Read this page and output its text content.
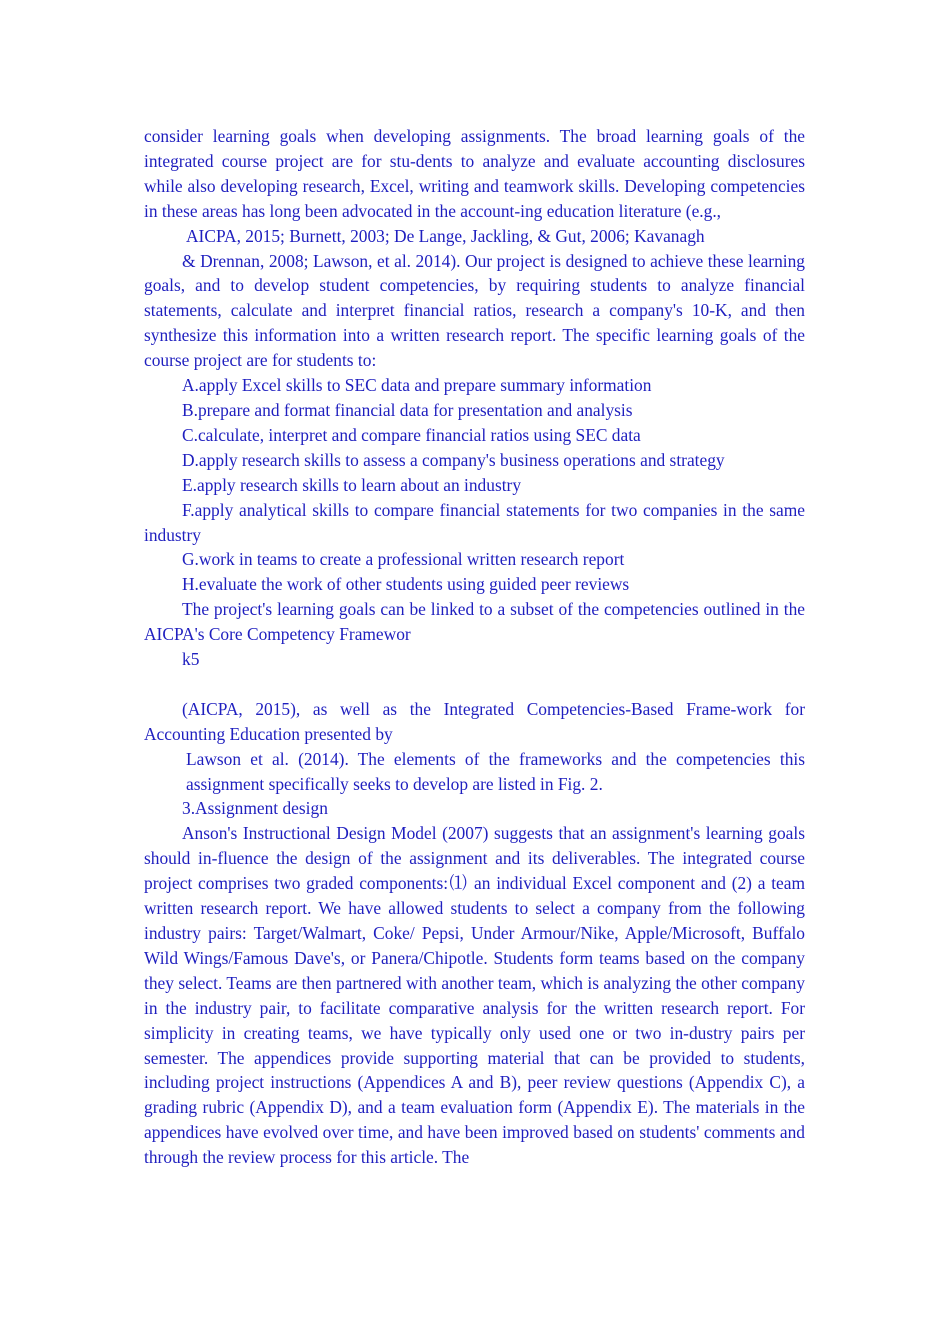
consider learning goals when developing assignments. The broad learning goals of the integrated course project are for stu-dents to analyze and evaluate accounting disclosures while also developing research, Excel, writing and teamwork skills. Developing competencies in these areas has long been advocated in the account-ing education literature (e.g.,

AICPA, 2015; Burnett, 2003; De Lange, Jackling, & Gut, 2006; Kavanagh

& Drennan, 2008; Lawson, et al. 2014). Our project is designed to achieve these learning goals, and to develop student competencies, by requiring students to analyze financial statements, calculate and interpret financial ratios, research a company's 10-K, and then synthesize this information into a written research report. The specific learning goals of the course project are for students to:

A.apply Excel skills to SEC data and prepare summary information

B.prepare and format financial data for presentation and analysis

C.calculate, interpret and compare financial ratios using SEC data

D.apply research skills to assess a company's business operations and strategy

E.apply research skills to learn about an industry

F.apply analytical skills to compare financial statements for two companies in the same industry

G.work in teams to create a professional written research report

H.evaluate the work of other students using guided peer reviews

The project's learning goals can be linked to a subset of the competencies outlined in the AICPA's Core Competency Framewor

k5

(AICPA, 2015), as well as the Integrated Competencies-Based Frame-work for Accounting Education presented by

Lawson et al. (2014). The elements of the frameworks and the competencies this assignment specifically seeks to develop are listed in Fig. 2.

3.Assignment design

Anson's Instructional Design Model (2007) suggests that an assignment's learning goals should in-fluence the design of the assignment and its deliverables. The integrated course project comprises two graded components:⑴ an individual Excel component and (2) a team written research report. We have allowed students to select a company from the following industry pairs: Target/Walmart, Coke/ Pepsi, Under Armour/Nike, Apple/Microsoft, Buffalo Wild Wings/Famous Dave's, or Panera/Chipotle. Students form teams based on the company they select. Teams are then partnered with another team, which is analyzing the other company in the industry pair, to facilitate comparative analysis for the written research report. For simplicity in creating teams, we have typically only used one or two in-dustry pairs per semester. The appendices provide supporting material that can be provided to students, including project instructions (Appendices A and B), peer review questions (Appendix C), a grading rubric (Appendix D), and a team evaluation form (Appendix E). The materials in the appendices have evolved over time, and have been improved based on students' comments and through the review process for this article. The
